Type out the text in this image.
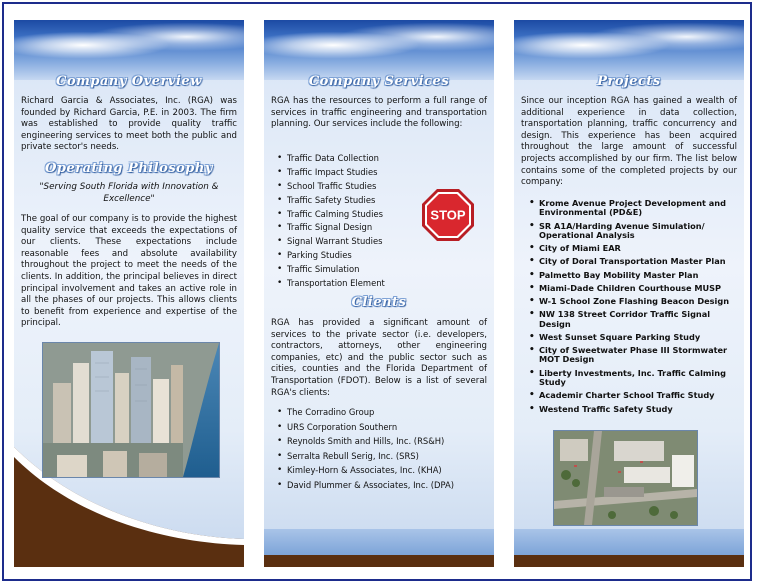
Company Overview

Richard Garcia & Associates, Inc. (RGA) was founded by Richard Garcia, P.E. in 2003. The firm was established to provide quality traffic engineering services to meet both the public and private sector's needs.

Operating Philosophy
"Serving South Florida with Innovation & Excellence"

The goal of our company is to provide the highest quality service that exceeds the expectations of our clients. These expectations include reasonable fees and absolute availability throughout the project to meet the needs of the clients. In addition, the principal believes in direct principal involvement and takes an active role in all the phases of our projects. This allows clients to benefit from experience and expertise of the principal.

Company Services

RGA has the resources to perform a full range of services in traffic engineering and transportation planning. Our services include the following:

• Traffic Data Collection
• Traffic Impact Studies
• School Traffic Studies
• Traffic Safety Studies
• Traffic Calming Studies
• Traffic Signal Design
• Signal Warrant Studies
• Parking Studies
• Traffic Simulation
• Transportation Element
STOP
Clients

RGA has provided a significant amount of services to the private sector (i.e. developers, contractors, attorneys, other engineering companies, etc) and the public sector such as cities, counties and the Florida Department of Transportation (FDOT). Below is a list of several RGA's clients:

• The Corradino Group
• URS Corporation Southern
• Reynolds Smith and Hills, Inc. (RS&H)
• Serralta Rebull Serig, Inc. (SRS)
• Kimley-Horn & Associates, Inc. (KHA)
• David Plummer & Associates, Inc. (DPA)
Projects

Since our inception RGA has gained a wealth of additional experience in data collection, transportation planning, traffic concurrency and design. This experience has been acquired throughout the large amount of successful projects accomplished by our firm. The list below contains some of the completed projects by our company:

• Krome Avenue Project Development and Environmental (PD&E)
• SR A1A/Harding Avenue Simulation/ Operational Analysis
• City of Miami EAR
• City of Doral Transportation Master Plan
• Palmetto Bay Mobility Master Plan
• Miami-Dade Children Courthouse MUSP
• W-1 School Zone Flashing Beacon Design
• NW 138 Street Corridor Traffic Signal Design
• West Sunset Square Parking Study
• City of Sweetwater Phase III Stormwater MOT Design
• Liberty Investments, Inc. Traffic Calming Study
• Academir Charter School Traffic Study
• Westend Traffic Safety Study
